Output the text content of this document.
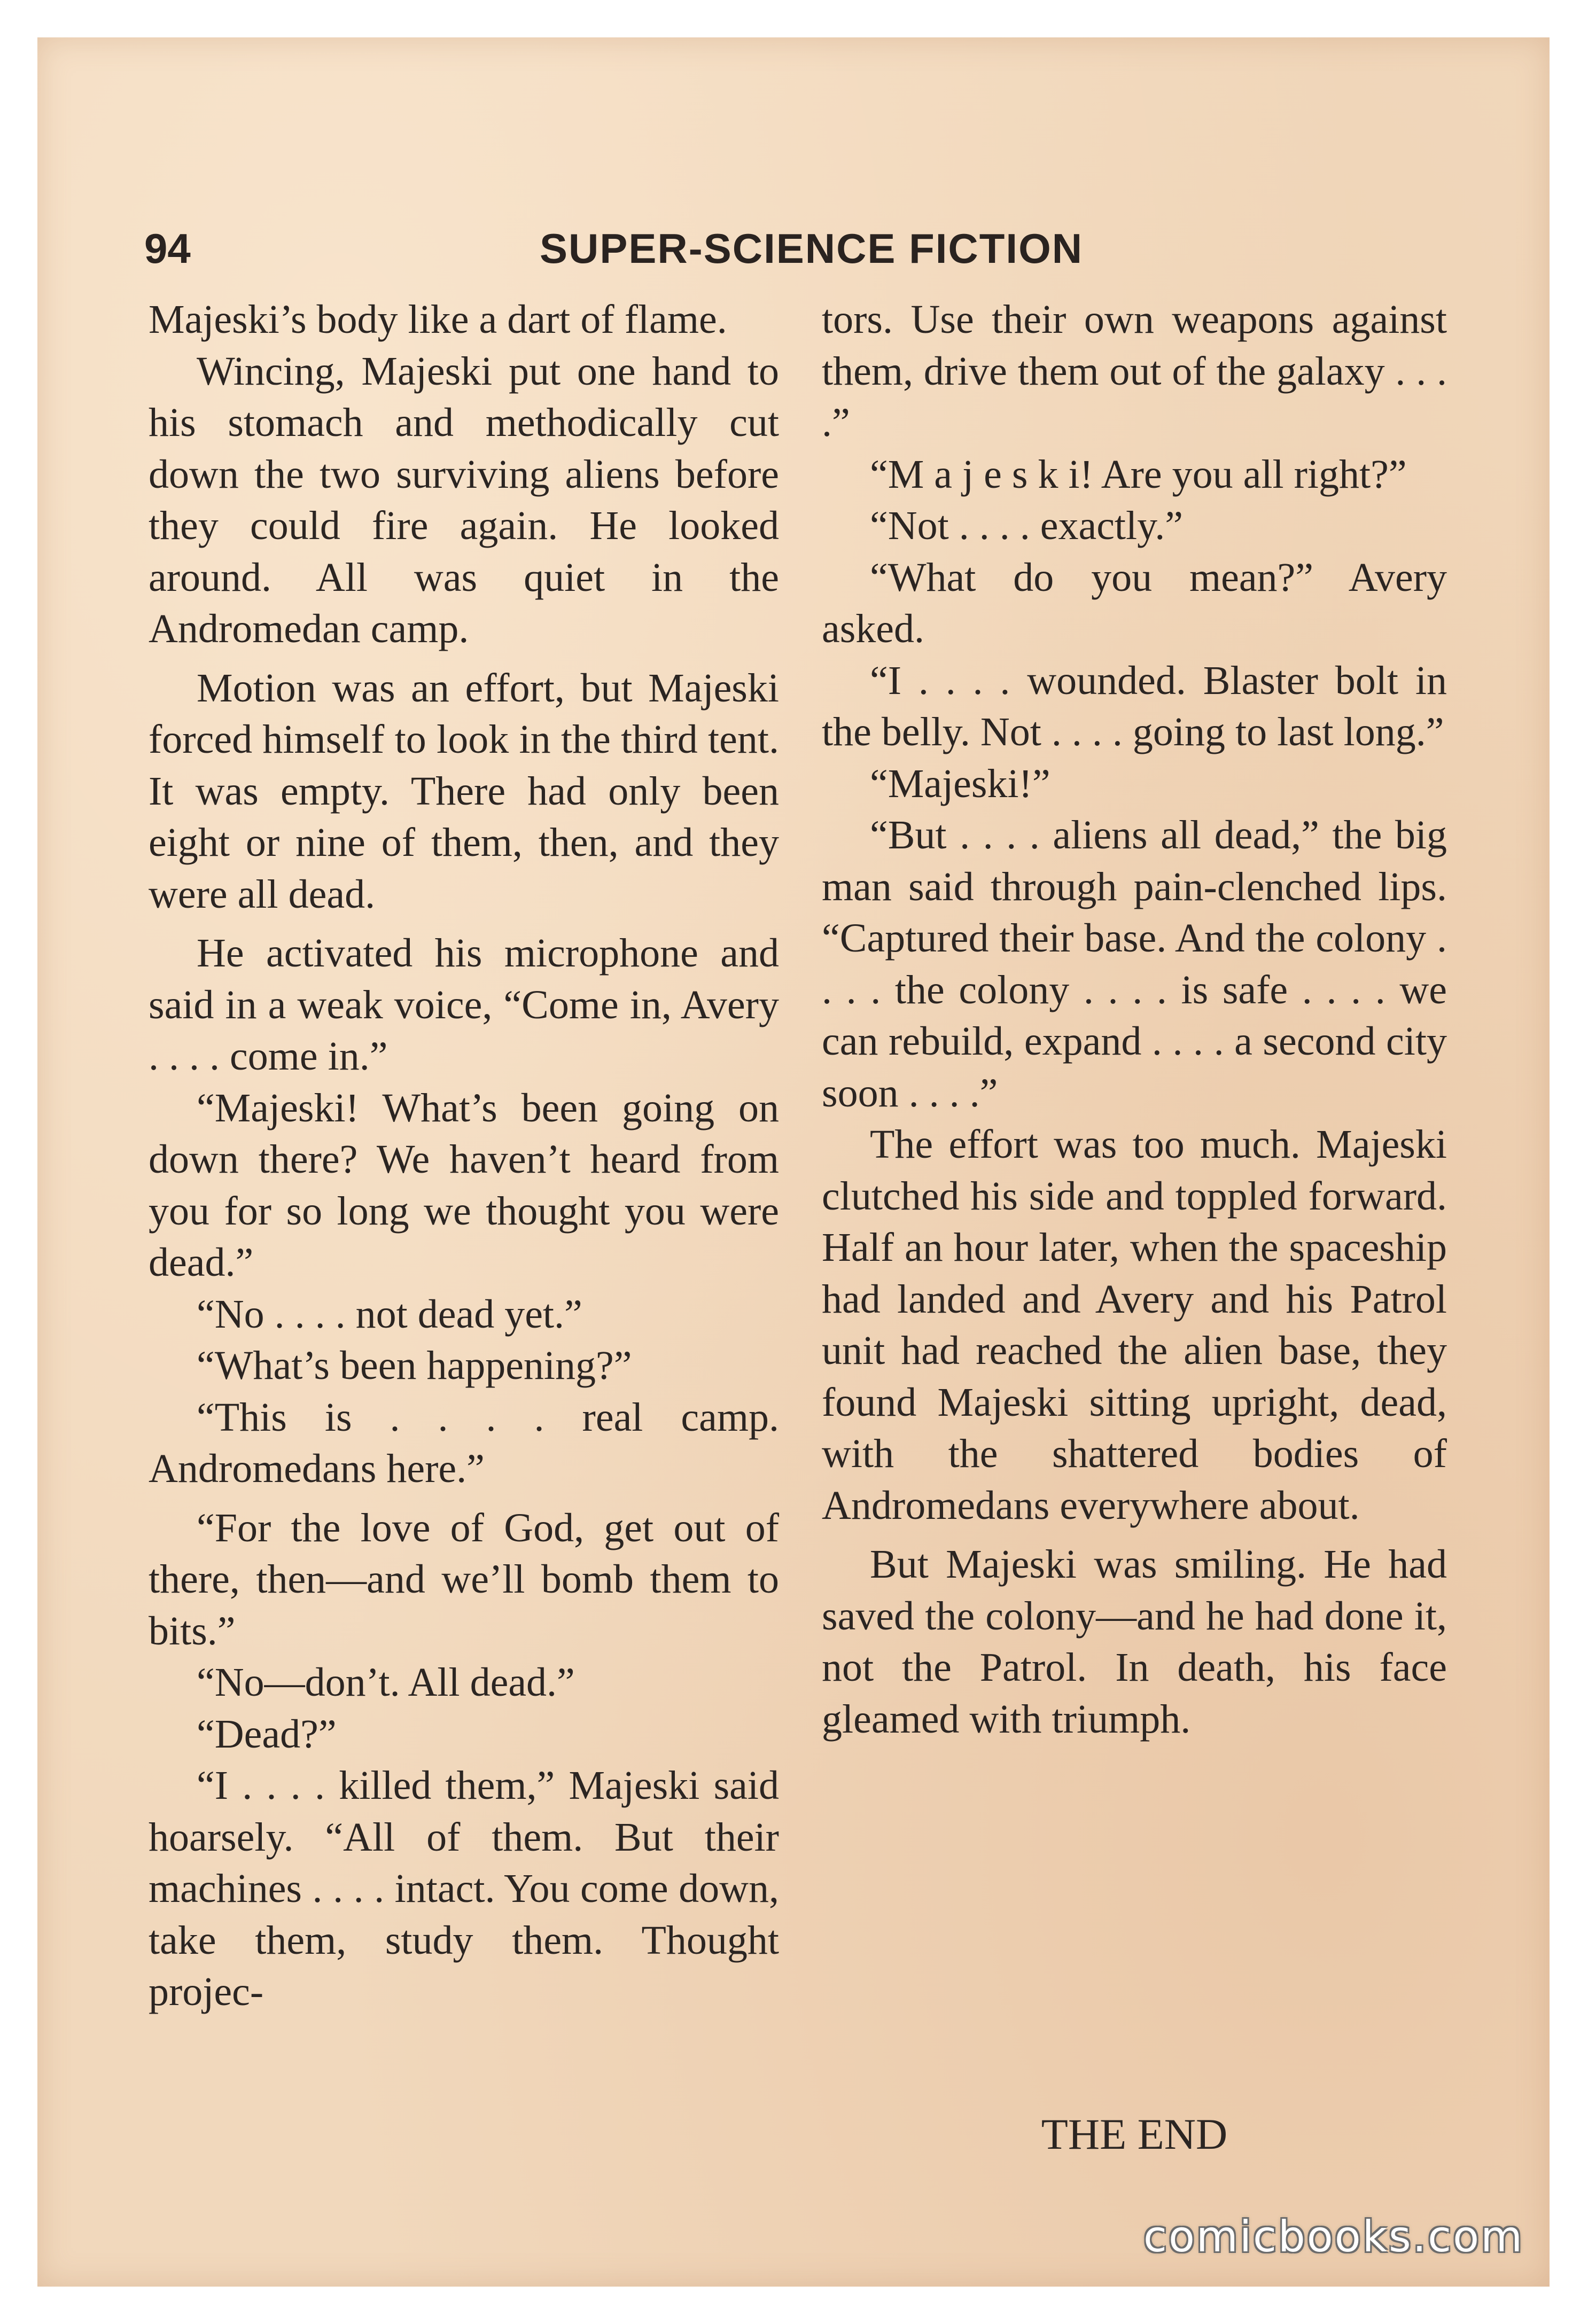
94	SUPER-SCIENCE FICTION

Majeski’s body like a dart of flame.

Wincing, Majeski put one hand to his stomach and methodically cut down the two surviving aliens before they could fire again. He looked around. All was quiet in the Andromedan camp.

Motion was an effort, but Majeski forced himself to look in the third tent. It was empty. There had only been eight or nine of them, then, and they were all dead.

He activated his microphone and said in a weak voice, “Come in, Avery . . . . come in.”

“Majeski! What’s been going on down there? We haven’t heard from you for so long we thought you were dead.”

“No . . . . not dead yet.”

“What’s been happening?”

“This is . . . . real camp. Andromedans here.”

“For the love of God, get out of there, then—and we’ll bomb them to bits.”

“No—don’t. All dead.”

“Dead?”

“I . . . . killed them,” Majeski said hoarsely. “All of them. But their machines . . . . intact. You come down, take them, study them. Thought projec-

tors. Use their own weapons against them, drive them out of the galaxy . . . .”

“M a j e s k i! Are you all right?”

“Not . . . . exactly.”

“What do you mean?” Avery asked.

“I . . . . wounded. Blaster bolt in the belly. Not . . . . going to last long.”

“Majeski!”

“But . . . . aliens all dead,” the big man said through pain-clenched lips. “Captured their base. And the colony . . . . the colony . . . . is safe . . . . we can rebuild, expand . . . . a second city soon . . . .”

The effort was too much. Majeski clutched his side and toppled forward. Half an hour later, when the spaceship had landed and Avery and his Patrol unit had reached the alien base, they found Majeski sitting upright, dead, with the shattered bodies of Andromedans everywhere about.

But Majeski was smiling. He had saved the colony—and he had done it, not the Patrol. In death, his face gleamed with triumph.

THE END
comicbooks.com
